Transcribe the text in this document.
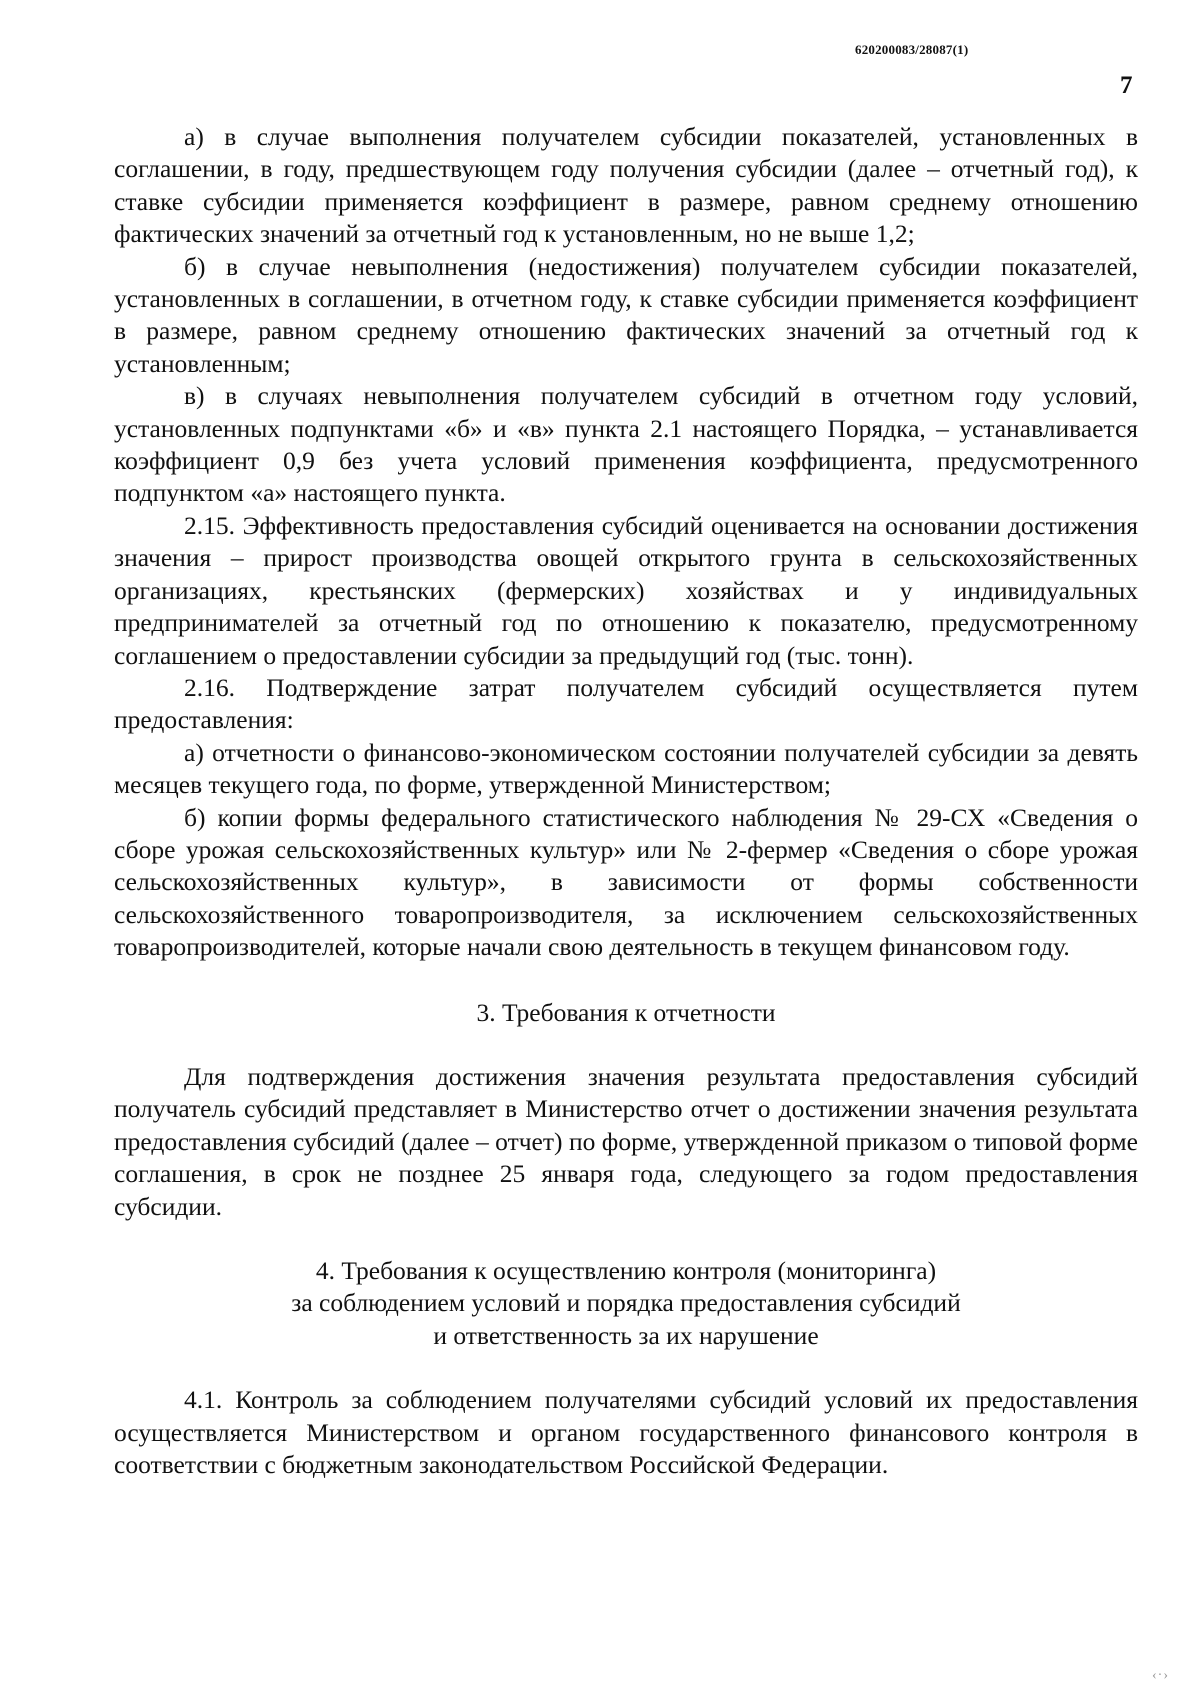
620200083/28087(1)
7

а) в случае выполнения получателем субсидии показателей, установленных в соглашении, в году, предшествующем году получения субсидии (далее – отчетный год), к ставке субсидии применяется коэффициент в размере, равном среднему отношению фактических значений за отчетный год к установленным, но не выше 1,2;

б) в случае невыполнения (недостижения) получателем субсидии показателей, установленных в соглашении, в отчетном году, к ставке субсидии применяется коэффициент в размере, равном среднему отношению фактических значений за отчетный год к установленным;

в) в случаях невыполнения получателем субсидий в отчетном году условий, установленных подпунктами «б» и «в» пункта 2.1 настоящего Порядка, – устанавливается коэффициент 0,9 без учета условий применения коэффициента, предусмотренного подпунктом «а» настоящего пункта.

2.15. Эффективность предоставления субсидий оценивается на основании достижения значения – прирост производства овощей открытого грунта в сельскохозяйственных организациях, крестьянских (фермерских) хозяйствах и у индивидуальных предпринимателей за отчетный год по отношению к показателю, предусмотренному соглашением о предоставлении субсидии за предыдущий год (тыс. тонн).

2.16. Подтверждение затрат получателем субсидий осуществляется путем предоставления:

а) отчетности о финансово-экономическом состоянии получателей субсидии за девять месяцев текущего года, по форме, утвержденной Министерством;

б) копии формы федерального статистического наблюдения № 29-СХ «Сведения о сборе урожая сельскохозяйственных культур» или № 2-фермер «Сведения о сборе урожая сельскохозяйственных культур», в зависимости от формы собственности сельскохозяйственного товаропроизводителя, за исключением сельскохозяйственных товаропроизводителей, которые начали свою деятельность в текущем финансовом году.

3. Требования к отчетности

Для подтверждения достижения значения результата предоставления субсидий получатель субсидий представляет в Министерство отчет о достижении значения результата предоставления субсидий (далее – отчет) по форме, утвержденной приказом о типовой форме соглашения, в срок не позднее 25 января года, следующего за годом предоставления субсидии.

4. Требования к осуществлению контроля (мониторинга)
за соблюдением условий и порядка предоставления субсидий
и ответственность за их нарушение

4.1. Контроль за соблюдением получателями субсидий условий их предоставления осуществляется Министерством и органом государственного финансового контроля в соответствии с бюджетным законодательством Российской Федерации.

‹·›
